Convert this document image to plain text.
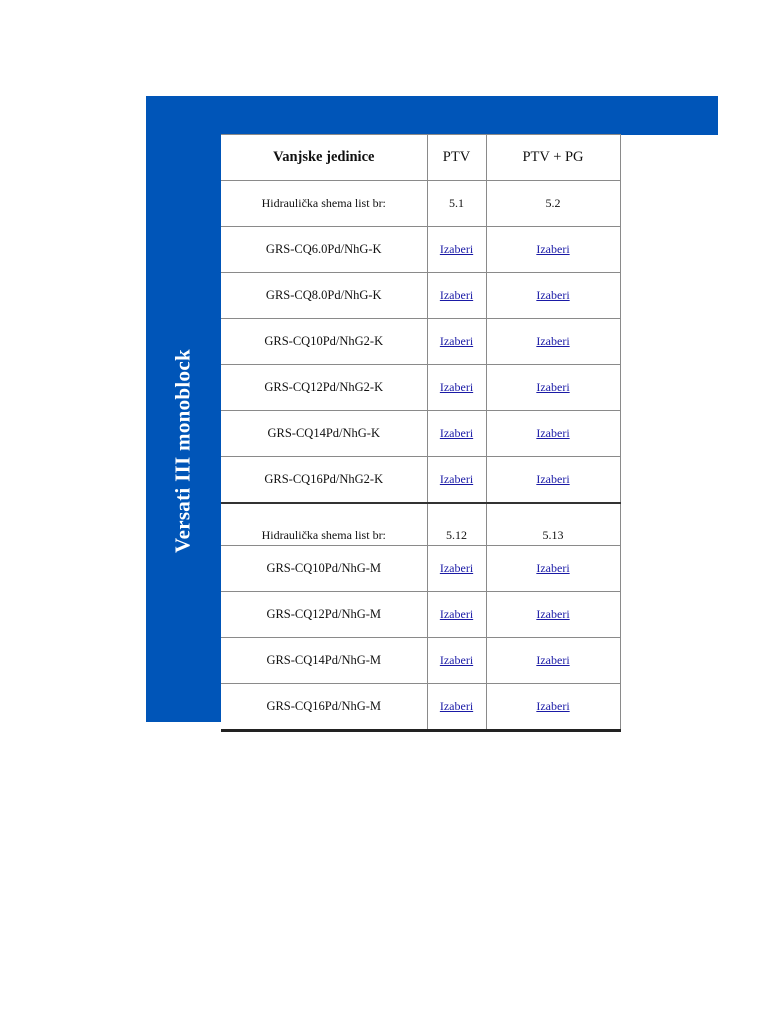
Versati III monoblock
Vanjske jedinice	PTV	PTV + PG
Hidraulička shema list br:	5.1	5.2
GRS-CQ6.0Pd/NhG-K	Izaberi	Izaberi
GRS-CQ8.0Pd/NhG-K	Izaberi	Izaberi
GRS-CQ10Pd/NhG2-K	Izaberi	Izaberi
GRS-CQ12Pd/NhG2-K	Izaberi	Izaberi
GRS-CQ14Pd/NhG-K	Izaberi	Izaberi
GRS-CQ16Pd/NhG2-K	Izaberi	Izaberi
Hidraulička shema list br:	5.12	5.13
GRS-CQ10Pd/NhG-M	Izaberi	Izaberi
GRS-CQ12Pd/NhG-M	Izaberi	Izaberi
GRS-CQ14Pd/NhG-M	Izaberi	Izaberi
GRS-CQ16Pd/NhG-M	Izaberi	Izaberi
